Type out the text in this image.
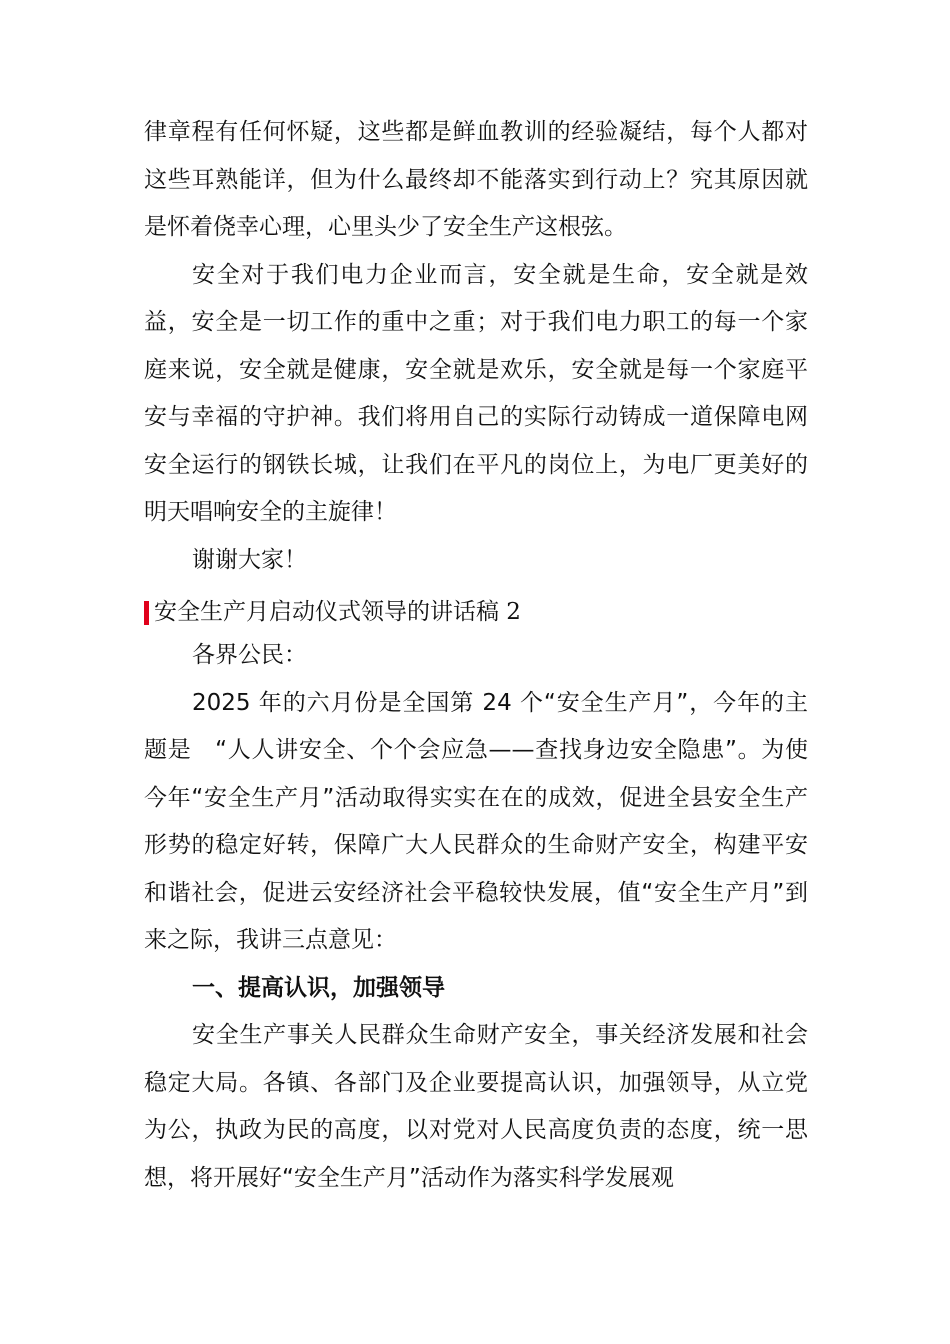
律章程有任何怀疑，这些都是鲜血教训的经验凝结，每个人都对这些耳熟能详，但为什么最终却不能落实到行动上？究其原因就是怀着侥幸心理，心里头少了安全生产这根弦。

安全对于我们电力企业而言，安全就是生命，安全就是效益，安全是一切工作的重中之重；对于我们电力职工的每一个家庭来说，安全就是健康，安全就是欢乐，安全就是每一个家庭平安与幸福的守护神。我们将用自己的实际行动铸成一道保障电网安全运行的钢铁长城，让我们在平凡的岗位上，为电厂更美好的明天唱响安全的主旋律！

谢谢大家！

安全生产月启动仪式领导的讲话稿 2

各界公民：

2025 年的六月份是全国第 24 个“安全生产月”，今年的主题是　“人人讲安全、个个会应急——查找身边安全隐患”。为使今年“安全生产月”活动取得实实在在的成效，促进全县安全生产形势的稳定好转，保障广大人民群众的生命财产安全，构建平安和谐社会，促进云安经济社会平稳较快发展，值“安全生产月”到来之际，我讲三点意见：

一、提高认识，加强领导

安全生产事关人民群众生命财产安全，事关经济发展和社会稳定大局。各镇、各部门及企业要提高认识，加强领导，从立党为公，执政为民的高度，以对党对人民高度负责的态度，统一思想，将开展好“安全生产月”活动作为落实科学发展观
